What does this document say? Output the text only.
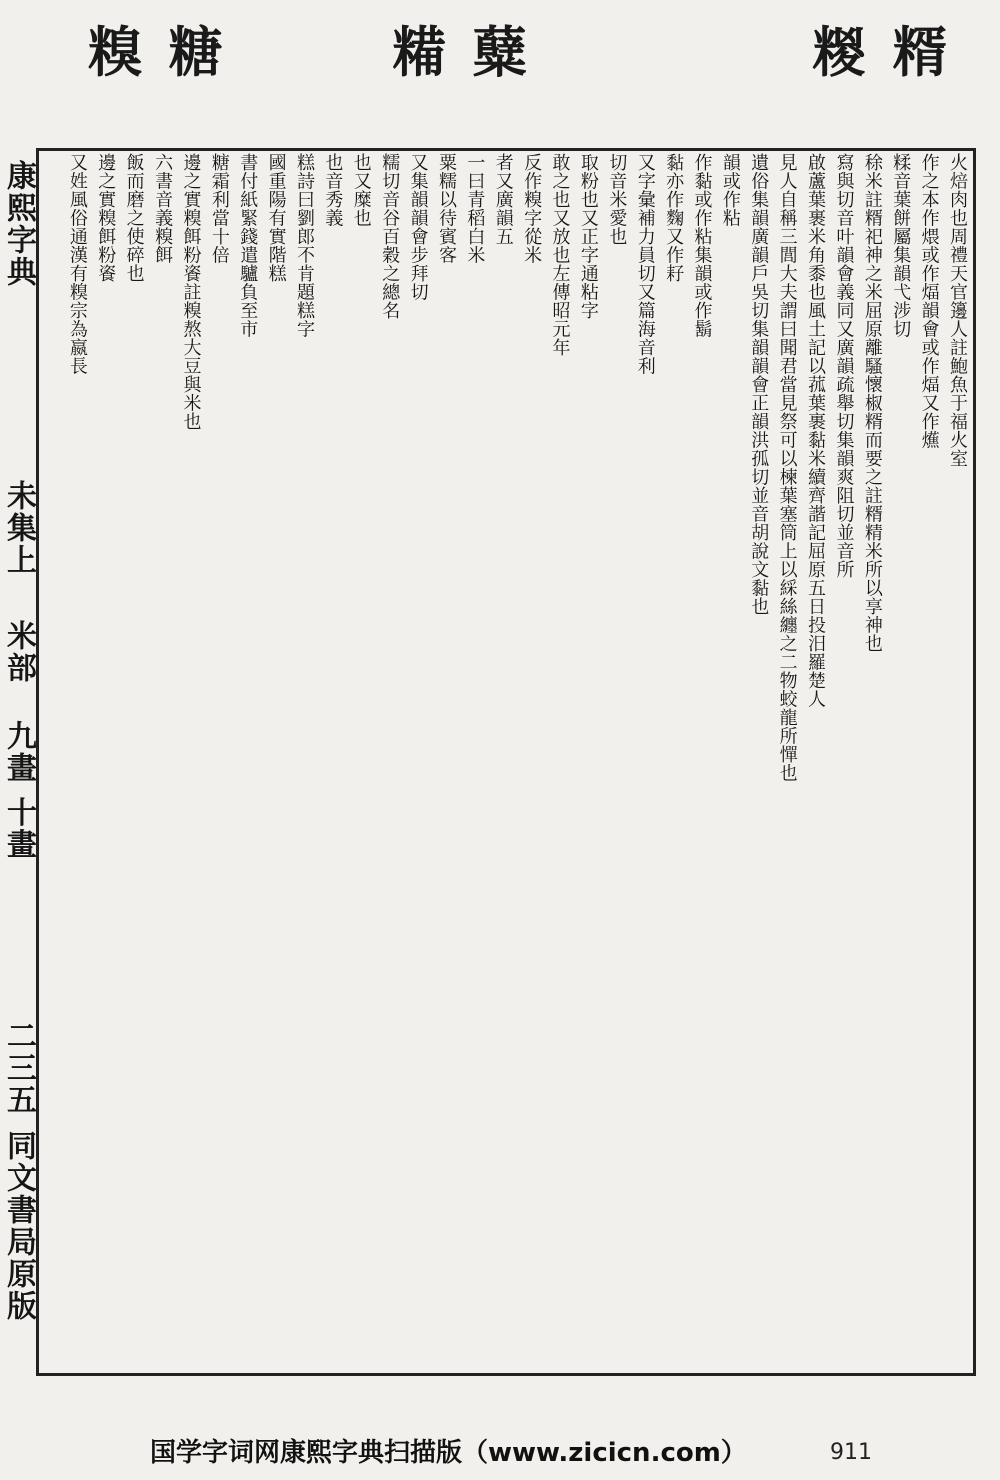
糗 糖	糒 糵	糉 糈
康熙字典
未集上
米部
九畫 十畫
二三五
同文書局原版
火焙肉也周禮天官籩人註鮑魚于福火室
作之本作煨或作煏韻會或作煏又作爑
糅音葉餅屬集韻弋涉切
稌米註糈祀神之米屈原離騷懷椒糈而要之註糈精米所以享神也
寫與切音叶韻會義同又廣韻疏舉切集韻爽阻切並音所
啟蘆葉裹米角黍也風土記以菰葉裹黏米續齊諧記屈原五日投汨羅楚人
見人自稱三閭大夫謂曰聞君當見祭可以楝葉塞筒上以綵絲纏之二物蛟龍所憚也
遺俗集韻廣韻戶吳切集韻韻會正韻洪孤切並音胡說文黏也
韻或作粘
作黏或作粘集韻或作鬍
黏亦作麴又作耔
又字彙補力員切又篇海音利
切音米愛也
取粉也又正字通粘字
敢之也又放也左傳昭元年
反作糗字從米
者又廣韻五
一曰青稻白米
粟糯以待賓客
又集韻韻會步拜切
糯切音谷百穀之總名
也又糜也
也音秀義
糕詩曰劉郎不肯題糕字
國重陽有實階糕
書付紙緊錢遣驢負至市
糖霜利當十倍
邊之實糗餌粉餈註糗熬大豆與米也
六書音義糗餌
飯而磨之使碎也
邊之實糗餌粉餈
又姓風俗通漢有糗宗為嬴長
国学字词网康熙字典扫描版（www.zicicn.com）	911
